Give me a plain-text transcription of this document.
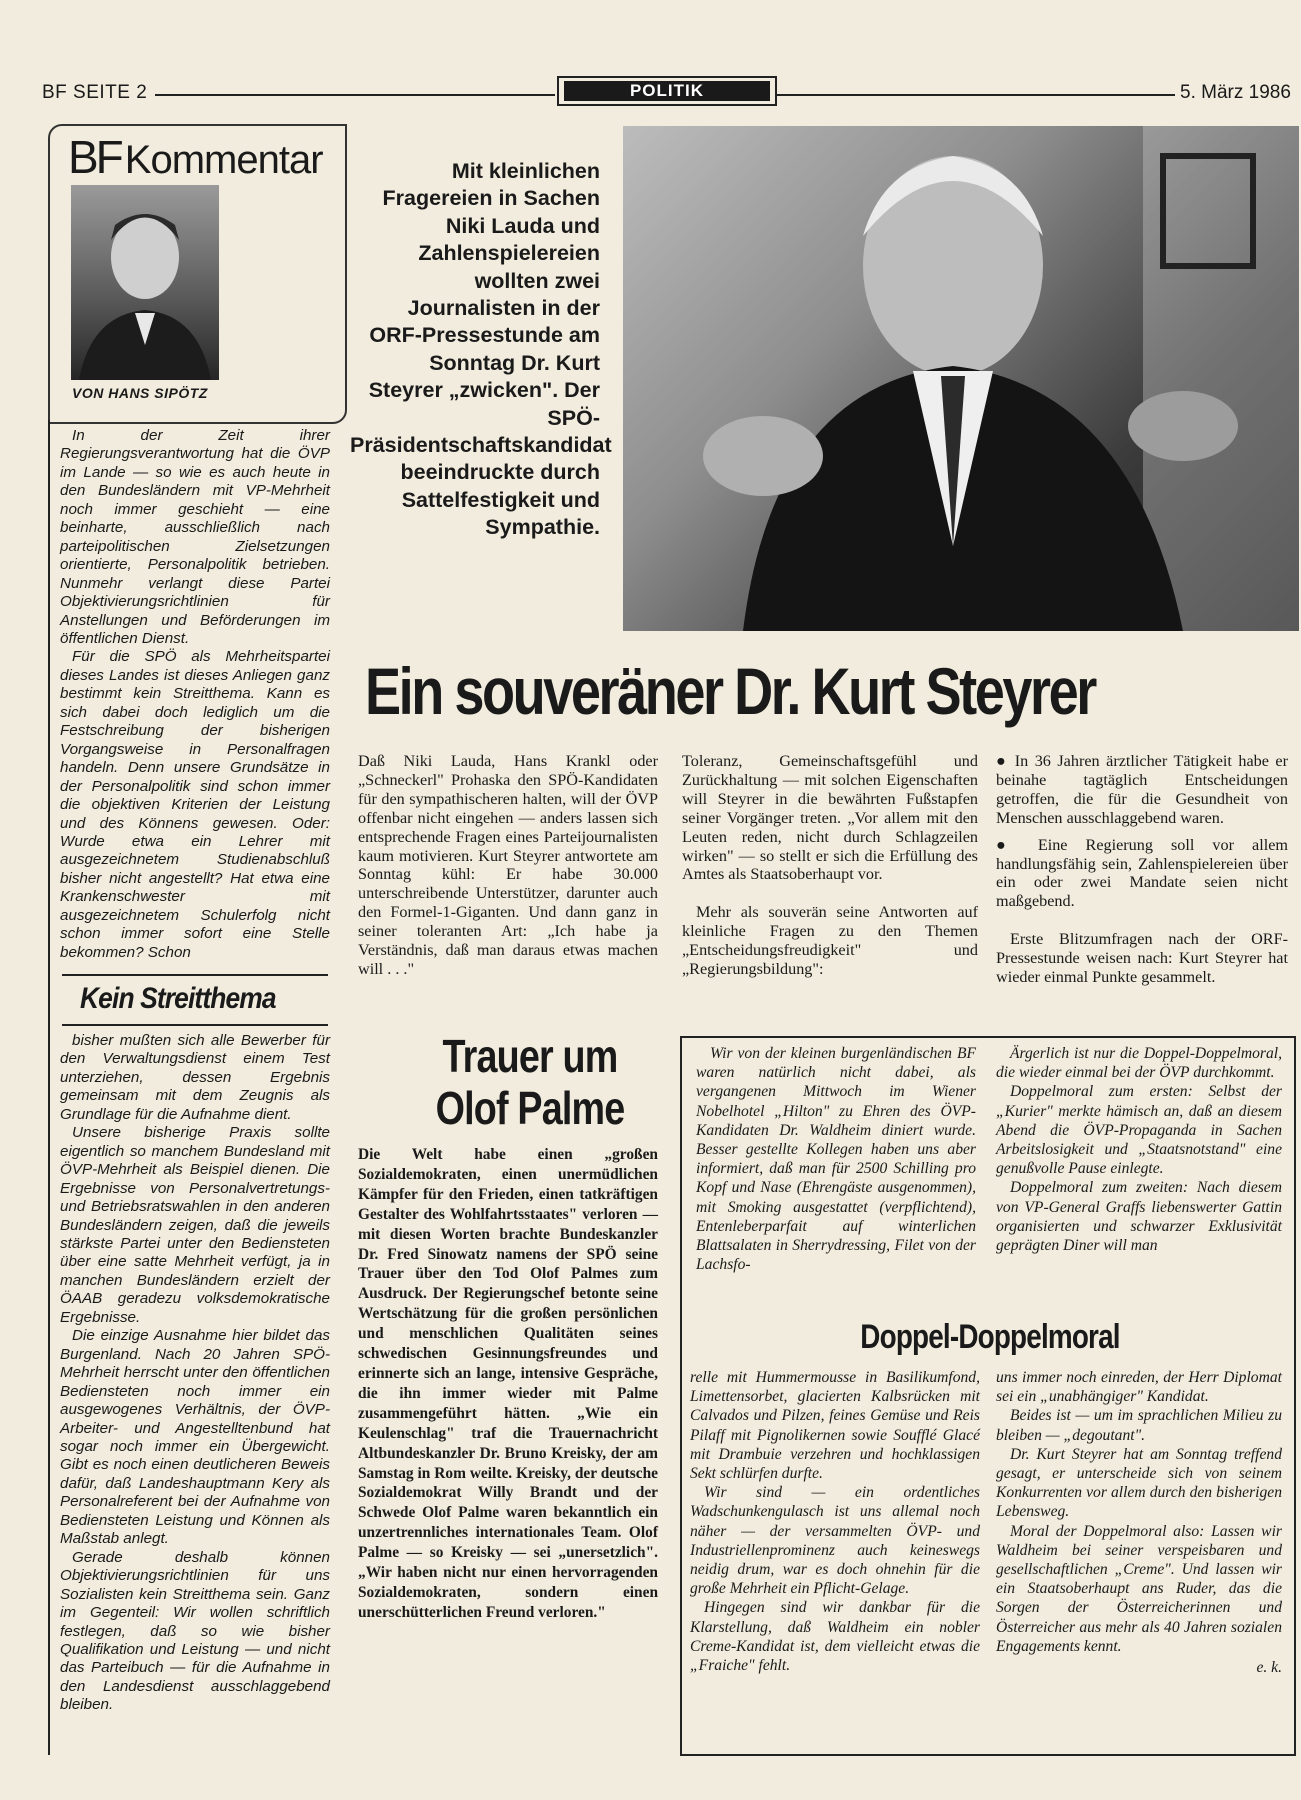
BF SEITE 2	POLITIK	5. März 1986
BF Kommentar
VON HANS SIPÖTZ

In der Zeit ihrer Regierungsverantwortung hat die ÖVP im Lande — so wie es auch heute in den Bundesländern mit VP-Mehrheit noch immer geschieht — eine beinharte, ausschließlich nach parteipolitischen Zielsetzungen orientierte, Personalpolitik betrieben. Nunmehr verlangt diese Partei Objektivierungsrichtlinien für Anstellungen und Beförderungen im öffentlichen Dienst.

Für die SPÖ als Mehrheitspartei dieses Landes ist dieses Anliegen ganz bestimmt kein Streitthema. Kann es sich dabei doch lediglich um die Festschreibung der bisherigen Vorgangsweise in Personalfragen handeln. Denn unsere Grundsätze in der Personalpolitik sind schon immer die objektiven Kriterien der Leistung und des Könnens gewesen. Oder: Wurde etwa ein Lehrer mit ausgezeichnetem Studienabschluß bisher nicht angestellt? Hat etwa eine Krankenschwester mit ausgezeichnetem Schulerfolg nicht schon immer sofort eine Stelle bekommen? Schon

Kein Streitthema

bisher mußten sich alle Bewerber für den Verwaltungsdienst einem Test unterziehen, dessen Ergebnis gemeinsam mit dem Zeugnis als Grundlage für die Aufnahme dient.

Unsere bisherige Praxis sollte eigentlich so manchem Bundesland mit ÖVP-Mehrheit als Beispiel dienen. Die Ergebnisse von Personalvertretungs- und Betriebsratswahlen in den anderen Bundesländern zeigen, daß die jeweils stärkste Partei unter den Bediensteten über eine satte Mehrheit verfügt, ja in manchen Bundesländern erzielt der ÖAAB geradezu volksdemokratische Ergebnisse.

Die einzige Ausnahme hier bildet das Burgenland. Nach 20 Jahren SPÖ-Mehrheit herrscht unter den öffentlichen Bediensteten noch immer ein ausgewogenes Verhältnis, der ÖVP-Arbeiter- und Angestelltenbund hat sogar noch immer ein Übergewicht. Gibt es noch einen deutlicheren Beweis dafür, daß Landeshauptmann Kery als Personalreferent bei der Aufnahme von Bediensteten Leistung und Können als Maßstab anlegt.

Gerade deshalb können Objektivierungsrichtlinien für uns Sozialisten kein Streitthema sein. Ganz im Gegenteil: Wir wollen schriftlich festlegen, daß so wie bisher Qualifikation und Leistung — und nicht das Parteibuch — für die Aufnahme in den Landesdienst ausschlaggebend bleiben.

Mit kleinlichen Fragereien in Sachen Niki Lauda und Zahlenspielereien wollten zwei Journalisten in der ORF-Pressestunde am Sonntag Dr. Kurt Steyrer „zwicken". Der SPÖ-Präsidentschaftskandidat beeindruckte durch Sattelfestigkeit und Sympathie.
Ein souveräner Dr. Kurt Steyrer

Daß Niki Lauda, Hans Krankl oder „Schneckerl" Prohaska den SPÖ-Kandidaten für den sympathischeren halten, will der ÖVP offenbar nicht eingehen — anders lassen sich entsprechende Fragen eines Parteijournalisten kaum motivieren. Kurt Steyrer antwortete am Sonntag kühl: Er habe 30.000 unterschreibende Unterstützer, darunter auch den Formel-1-Giganten. Und dann ganz in seiner toleranten Art: „Ich habe ja Verständnis, daß man daraus etwas machen will . . ."

Toleranz, Gemeinschaftsgefühl und Zurückhaltung — mit solchen Eigenschaften will Steyrer in die bewährten Fußstapfen seiner Vorgänger treten. „Vor allem mit den Leuten reden, nicht durch Schlagzeilen wirken" — so stellt er sich die Erfüllung des Amtes als Staatsoberhaupt vor.

Mehr als souverän seine Antworten auf kleinliche Fragen zu den Themen „Entscheidungsfreudigkeit" und „Regierungsbildung":

● In 36 Jahren ärztlicher Tätigkeit habe er beinahe tagtäglich Entscheidungen getroffen, die für die Gesundheit von Menschen ausschlaggebend waren.

● Eine Regierung soll vor allem handlungsfähig sein, Zahlenspielereien über ein oder zwei Mandate seien nicht maßgebend.

Erste Blitzumfragen nach der ORF-Pressestunde weisen nach: Kurt Steyrer hat wieder einmal Punkte gesammelt.

Trauer um Olof Palme
Die Welt habe einen „großen Sozialdemokraten, einen unermüdlichen Kämpfer für den Frieden, einen tatkräftigen Gestalter des Wohlfahrtsstaates" verloren — mit diesen Worten brachte Bundeskanzler Dr. Fred Sinowatz namens der SPÖ seine Trauer über den Tod Olof Palmes zum Ausdruck. Der Regierungschef betonte seine Wertschätzung für die großen persönlichen und menschlichen Qualitäten seines schwedischen Gesinnungsfreundes und erinnerte sich an lange, intensive Gespräche, die ihn immer wieder mit Palme zusammengeführt hätten. „Wie ein Keulenschlag" traf die Trauernachricht Altbundeskanzler Dr. Bruno Kreisky, der am Samstag in Rom weilte. Kreisky, der deutsche Sozialdemokrat Willy Brandt und der Schwede Olof Palme waren bekanntlich ein unzertrennliches internationales Team. Olof Palme — so Kreisky — sei „unersetzlich". „Wir haben nicht nur einen hervorragenden Sozialdemokraten, sondern einen unerschütterlichen Freund verloren."

Wir von der kleinen burgenländischen BF waren natürlich nicht dabei, als vergangenen Mittwoch im Wiener Nobelhotel „Hilton" zu Ehren des ÖVP-Kandidaten Dr. Waldheim diniert wurde. Besser gestellte Kollegen haben uns aber informiert, daß man für 2500 Schilling pro Kopf und Nase (Ehrengäste ausgenommen), mit Smoking ausgestattet (verpflichtend), Entenleberparfait auf winterlichen Blattsalaten in Sherrydressing, Filet von der Lachsfo-

Ärgerlich ist nur die Doppel-Doppelmoral, die wieder einmal bei der ÖVP durchkommt.

Doppelmoral zum ersten: Selbst der „Kurier" merkte hämisch an, daß an diesem Abend die ÖVP-Propaganda in Sachen Arbeitslosigkeit und „Staatsnotstand" eine genußvolle Pause einlegte.

Doppelmoral zum zweiten: Nach diesem von VP-General Graffs liebenswerter Gattin organisierten und schwarzer Exklusivität geprägten Diner will man

Doppel-Doppelmoral

relle mit Hummermousse in Basilikumfond, Limettensorbet, glacierten Kalbsrücken mit Calvados und Pilzen, feines Gemüse und Reis Pilaff mit Pignolikernen sowie Soufflé Glacé mit Drambuie verzehren und hochklassigen Sekt schlürfen durfte.

Wir sind — ein ordentliches Wadschunkengulasch ist uns allemal noch näher — der versammelten ÖVP- und Industriellenprominenz auch keineswegs neidig drum, war es doch ohnehin für die große Mehrheit ein Pflicht-Gelage.

Hingegen sind wir dankbar für die Klarstellung, daß Waldheim ein nobler Creme-Kandidat ist, dem vielleicht etwas die „Fraiche" fehlt.

uns immer noch einreden, der Herr Diplomat sei ein „unabhängiger" Kandidat.

Beides ist — um im sprachlichen Milieu zu bleiben — „degoutant".

Dr. Kurt Steyrer hat am Sonntag treffend gesagt, er unterscheide sich von seinem Konkurrenten vor allem durch den bisherigen Lebensweg.

Moral der Doppelmoral also: Lassen wir Waldheim bei seiner verspeisbaren und gesellschaftlichen „Creme". Und lassen wir ein Staatsoberhaupt ans Ruder, das die Sorgen der Österreicherinnen und Österreicher aus mehr als 40 Jahren sozialen Engagements kennt.

e. k.
